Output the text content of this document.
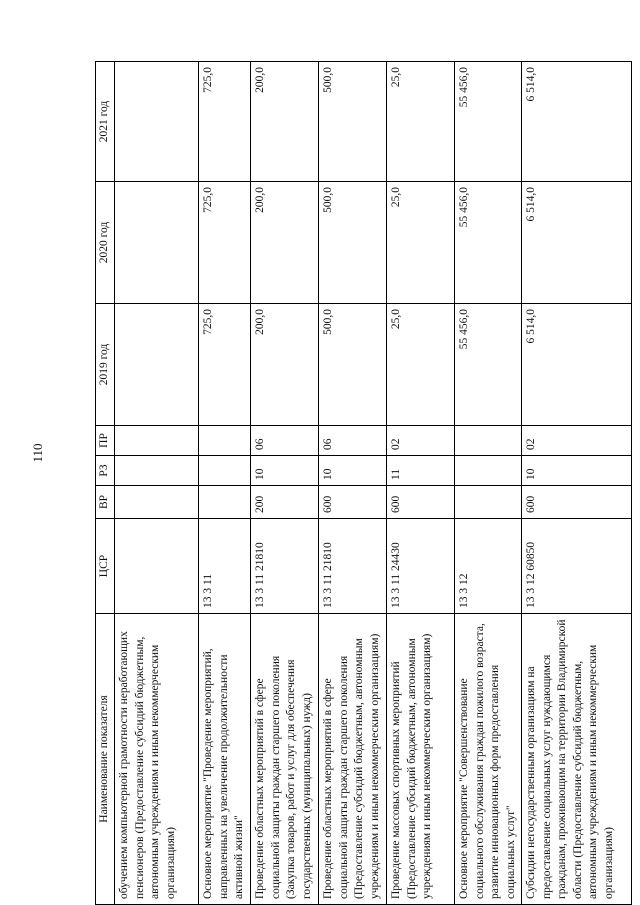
110
Наименование показателя	ЦСР	ВР	РЗ	ПР	2019 год	2020 год	2021 год
обучением компьютерной грамотности неработающих пенсионеров (Предоставление субсидий бюджетным, автономным учреждениям и иным некоммерческим организациям)							
Основное мероприятие "Проведение мероприятий, направленных на увеличение продолжительности активной жизни"	13 3 11				725,0	725,0	725,0
Проведение областных мероприятий в сфере социальной защиты граждан старшего поколения (Закупка товаров, работ и услуг для обеспечения государственных (муниципальных) нужд)	13 3 11 21810	200	10	06	200,0	200,0	200,0
Проведение областных мероприятий в сфере социальной защиты граждан старшего поколения (Предоставление субсидий бюджетным, автономным учреждениям и иным некоммерческим организациям)	13 3 11 21810	600	10	06	500,0	500,0	500,0
Проведение массовых спортивных мероприятий (Предоставление субсидий бюджетным, автономным учреждениям и иным некоммерческим организациям)	13 3 11 24430	600	11	02	25,0	25,0	25,0
Основное мероприятие "Совершенствование социального обслуживания граждан пожилого возраста, развитие инновационных форм предоставления социальных услуг"	13 3 12				55 456,0	55 456,0	55 456,0
Субсидии негосударственным организациям на предоставление социальных услуг нуждающимся гражданам, проживающим на территории Владимирской области (Предоставление субсидий бюджетным, автономным учреждениям и иным некоммерческим организациям)	13 3 12 60850	600	10	02	6 514,0	6 514,0	6 514,0
